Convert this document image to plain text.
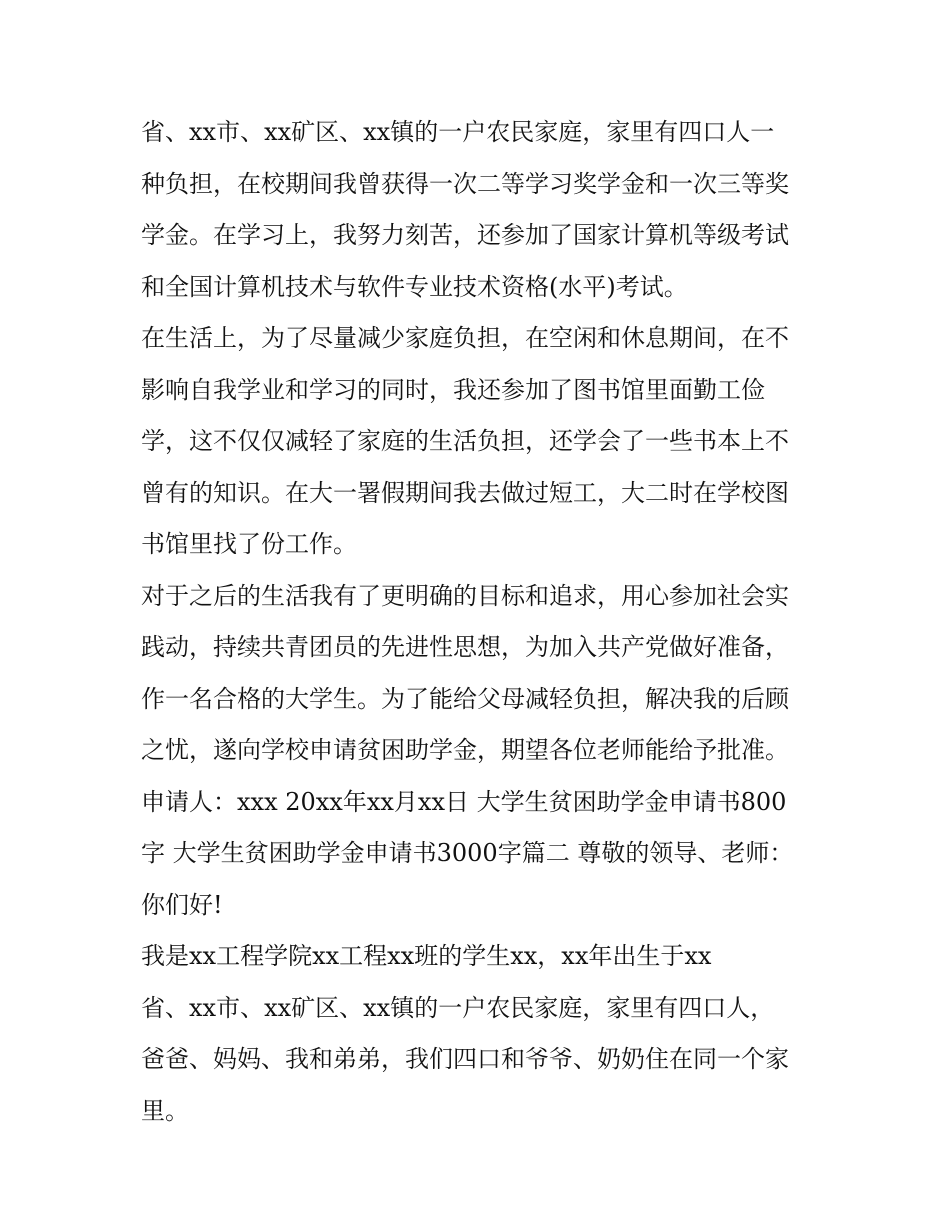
省、xx市、xx矿区、xx镇的一户农民家庭，家里有四口人一
种负担，在校期间我曾获得一次二等学习奖学金和一次三等奖
学金。在学习上，我努力刻苦，还参加了国家计算机等级考试
和全国计算机技术与软件专业技术资格(水平)考试。
在生活上，为了尽量减少家庭负担，在空闲和休息期间，在不
影响自我学业和学习的同时，我还参加了图书馆里面勤工俭
学，这不仅仅减轻了家庭的生活负担，还学会了一些书本上不
曾有的知识。在大一署假期间我去做过短工，大二时在学校图
书馆里找了份工作。
对于之后的生活我有了更明确的目标和追求，用心参加社会实
践动，持续共青团员的先进性思想，为加入共产党做好准备，
作一名合格的大学生。为了能给父母减轻负担，解决我的后顾
之忧，遂向学校申请贫困助学金，期望各位老师能给予批准。
申请人：xxx 20xx年xx月xx日 大学生贫困助学金申请书800
字 大学生贫困助学金申请书3000字篇二 尊敬的领导、老师：
你们好!
我是xx工程学院xx工程xx班的学生xx，xx年出生于xx
省、xx市、xx矿区、xx镇的一户农民家庭，家里有四口人，
爸爸、妈妈、我和弟弟，我们四口和爷爷、奶奶住在同一个家
里。
